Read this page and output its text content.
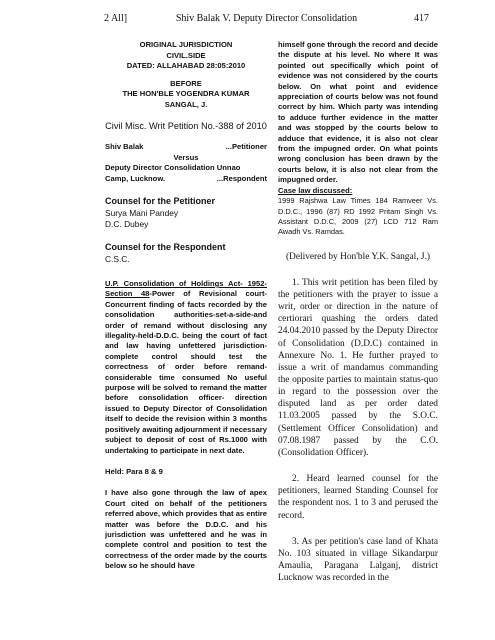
2 All]	Shiv Balak V. Deputy Director Consolidation	417

ORIGINAL JURISDICTION

CIVIL.SIDE

DATED: ALLAHABAD 28:05:2010

BEFORE

THE HON'BLE YOGENDRA KUMAR

SANGAL, J.

Civil Misc. Writ Petition No.-388 of 2010

Shiv Balak	...Petitioner
Versus
Deputy Director Consolidation Unnao
Camp, Lucknow.	...Respondent

Counsel for the Petitioner

Surya Mani Pandey

D.C. Dubey

Counsel for the Respondent

C.S.C.

U.P. Consolidation of Holdings Act- 1952- Section 48-Power of Revisional court- Concurrent finding of facts recorded by the consolidation authorities-set-a-side-and order of remand without disclosing any illegality-held-D.D.C. being the court of fact and law having unfettered jurisdiction-complete control should test the correctness of order before remand- considerable time consumed No useful purpose will be solved to remand the matter before consolidation officer- direction issued to Deputy Director of Consolidation itself to decide the revision within 3 months positively awaiting adjournment if necessary subject to deposit of cost of Rs.1000 with undertaking to participate in next date.

Held: Para 8 & 9

I have also gone through the law of apex Court cited on behalf of the petitioners referred above, which provides that as entire matter was before the D.D.C. and his jurisdiction was unfettered and he was in complete control and position to test the correctness of the order made by the courts below so he should have

himself gone through the record and decide the dispute at his level. No where It was pointed out specifically which point of evidence was not considered by the courts below. On what point and evidence appreciation of courts below was not found correct by him. Which party was intending to adduce further evidence in the matter and was stopped by the courts below to adduce that evidence, it is also not clear from the impugned order. On what points wrong conclusion has been drawn by the courts below, it is also not clear from the impugned order.

Case law discussed:

1999 Rajshwa Law Times 184 Ramveer Vs. D.D.C., 1996 (87) RD 1992 Pritam Singh Vs. Assistant D.D.C, 2009 (27) LCD 712 Ram Awadh Vs. Ramdas.

(Delivered by Hon'ble Y.K. Sangal, J.)

1. This writ petition has been filed by the petitioners with the prayer to issue a writ, order or direction in the nature of certiorari quashing the orders dated 24.04.2010 passed by the Deputy Director of Consolidation (D.D.C) contained in Annexure No. 1. He further prayed to issue a writ of mandamus commanding the opposite parties to maintain status-quo in regard to the possession over the disputed land as per order dated 11.03.2005 passed by the S.O.C. (Settlement Officer Consolidation) and 07.08.1987 passed by the C.O. (Consolidation Officer).

2. Heard learned counsel for the petitioners, learned Standing Counsel for the respondent nos. 1 to 3 and perused the record.

3. As per petition's case land of Khata No. 103 situated in village Sikandarpur Amaulia, Paragana Lalganj, district Lucknow was recorded in the
